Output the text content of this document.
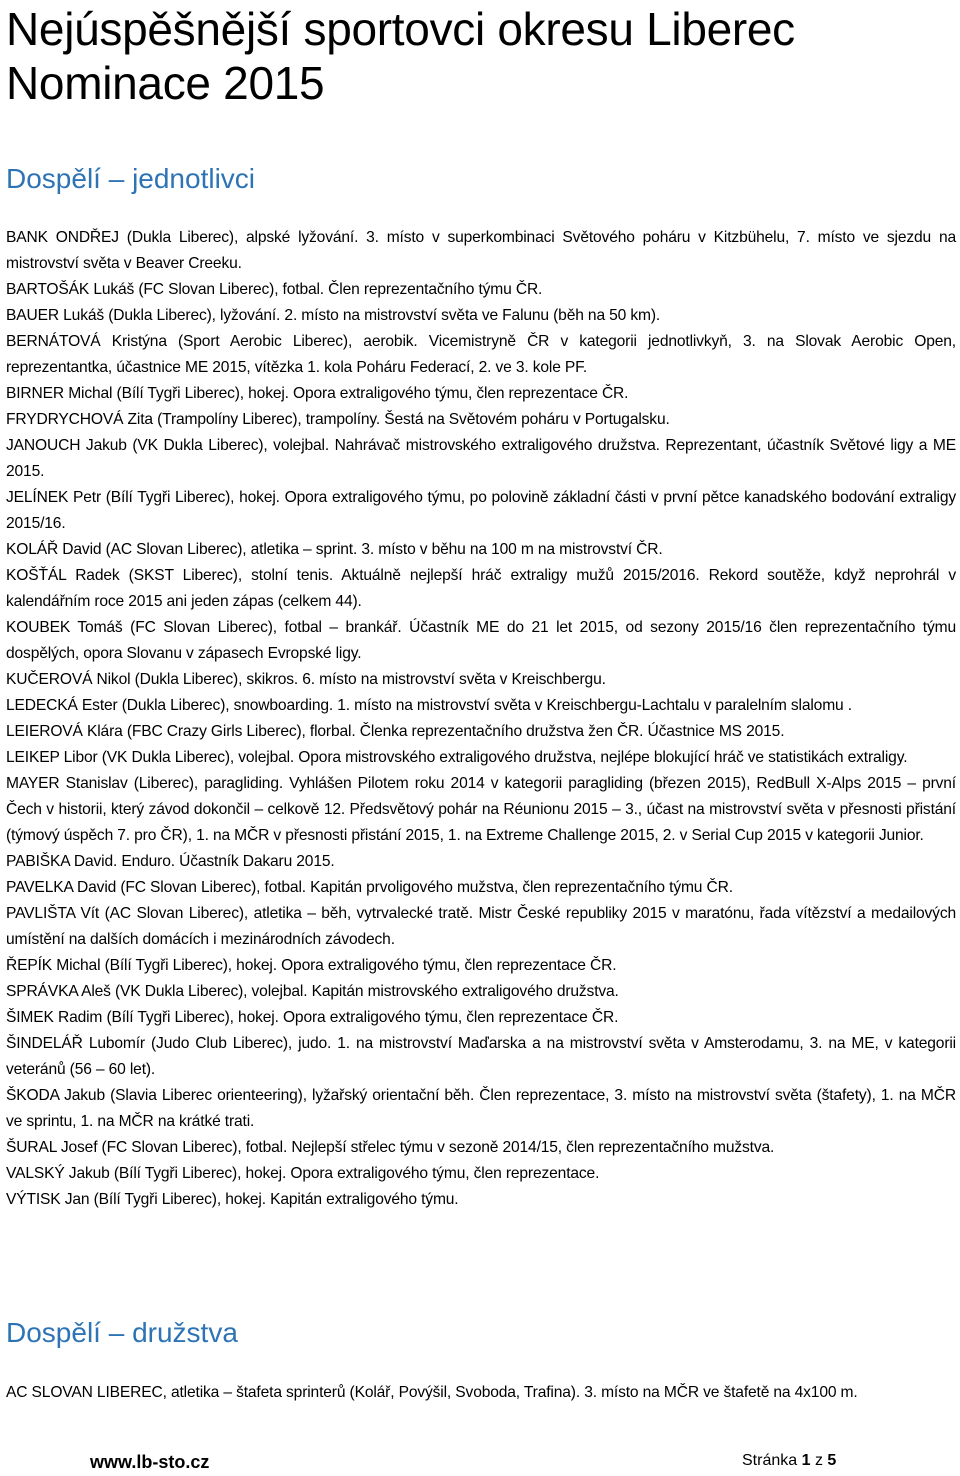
Nejúspěšnější sportovci okresu Liberec
Nominace 2015
Dospělí – jednotlivci

BANK ONDŘEJ (Dukla Liberec), alpské lyžování. 3. místo v superkombinaci Světového poháru v Kitzbühelu, 7. místo ve sjezdu na mistrovství světa v Beaver Creeku.

BARTOŠÁK Lukáš (FC Slovan Liberec), fotbal. Člen reprezentačního týmu ČR.

BAUER Lukáš (Dukla Liberec), lyžování. 2. místo na mistrovství světa ve Falunu (běh na 50 km).

BERNÁTOVÁ Kristýna (Sport Aerobic Liberec), aerobik. Vicemistryně ČR v kategorii jednotlivkyň, 3. na Slovak Aerobic Open, reprezentantka, účastnice ME 2015, vítězka 1. kola Poháru Federací, 2. ve 3. kole PF.

BIRNER Michal (Bílí Tygři Liberec), hokej. Opora extraligového týmu, člen reprezentace ČR.

FRYDRYCHOVÁ Zita (Trampolíny Liberec), trampolíny. Šestá na Světovém poháru v Portugalsku.

JANOUCH Jakub (VK Dukla Liberec), volejbal. Nahrávač mistrovského extraligového družstva. Reprezentant, účastník Světové ligy a ME 2015.

JELÍNEK Petr (Bílí Tygři Liberec), hokej. Opora extraligového týmu, po polovině základní části v první pětce kanadského bodování extraligy 2015/16.

KOLÁŘ David (AC Slovan Liberec), atletika – sprint. 3. místo v běhu na 100 m na mistrovství ČR.

KOŠŤÁL Radek (SKST Liberec), stolní tenis. Aktuálně nejlepší hráč extraligy mužů 2015/2016. Rekord soutěže, když neprohrál v kalendářním roce 2015 ani jeden zápas (celkem 44).

KOUBEK Tomáš (FC Slovan Liberec), fotbal – brankář. Účastník ME do 21 let 2015, od sezony 2015/16 člen reprezentačního týmu dospělých, opora Slovanu v zápasech Evropské ligy.

KUČEROVÁ Nikol (Dukla Liberec), skikros. 6. místo na mistrovství světa v Kreischbergu.

LEDECKÁ Ester (Dukla Liberec), snowboarding. 1. místo na mistrovství světa v Kreischbergu-Lachtalu v paralelním slalomu .

LEIEROVÁ Klára (FBC Crazy Girls Liberec), florbal. Členka reprezentačního družstva žen ČR. Účastnice MS 2015.

LEIKEP Libor (VK Dukla Liberec), volejbal. Opora mistrovského extraligového družstva, nejlépe blokující hráč ve statistikách extraligy.

MAYER Stanislav (Liberec), paragliding. Vyhlášen Pilotem roku 2014 v kategorii paragliding (březen 2015), RedBull X-Alps 2015 – první Čech v historii, který závod dokončil – celkově 12. Předsvětový pohár na Réunionu 2015 – 3., účast na mistrovství světa v přesnosti přistání (týmový úspěch 7. pro ČR), 1. na MČR v přesnosti přistání 2015, 1. na Extreme Challenge 2015, 2. v Serial Cup 2015 v kategorii Junior.

PABIŠKA David. Enduro. Účastník Dakaru 2015.

PAVELKA David (FC Slovan Liberec), fotbal. Kapitán prvoligového mužstva, člen reprezentačního týmu ČR.

PAVLIŠTA Vít (AC Slovan Liberec), atletika – běh, vytrvalecké tratě. Mistr České republiky 2015 v maratónu, řada vítězství a medailových umístění na dalších domácích i mezinárodních závodech.

ŘEPÍK Michal (Bílí Tygři Liberec), hokej. Opora extraligového týmu, člen reprezentace ČR.

SPRÁVKA Aleš (VK Dukla Liberec), volejbal. Kapitán mistrovského extraligového družstva.

ŠIMEK Radim (Bílí Tygři Liberec), hokej. Opora extraligového týmu, člen reprezentace ČR.

ŠINDELÁŘ Lubomír (Judo Club Liberec), judo. 1. na mistrovství Maďarska a na mistrovství světa v Amsterodamu, 3. na ME, v kategorii veteránů (56 – 60 let).

ŠKODA Jakub (Slavia Liberec orienteering), lyžařský orientační běh. Člen reprezentace, 3. místo na mistrovství světa (štafety), 1. na MČR ve sprintu, 1. na MČR na krátké trati.

ŠURAL Josef (FC Slovan Liberec), fotbal. Nejlepší střelec týmu v sezoně 2014/15, člen reprezentačního mužstva.

VALSKÝ Jakub (Bílí Tygři Liberec), hokej. Opora extraligového týmu, člen reprezentace.

VÝTISK Jan (Bílí Tygři Liberec), hokej. Kapitán extraligového týmu.

Dospělí – družstva

AC SLOVAN LIBEREC, atletika – štafeta sprinterů (Kolář, Povýšil, Svoboda, Trafina). 3. místo na MČR ve štafetě na 4x100 m.

www.lb-sto.cz	Stránka 1 z 5
